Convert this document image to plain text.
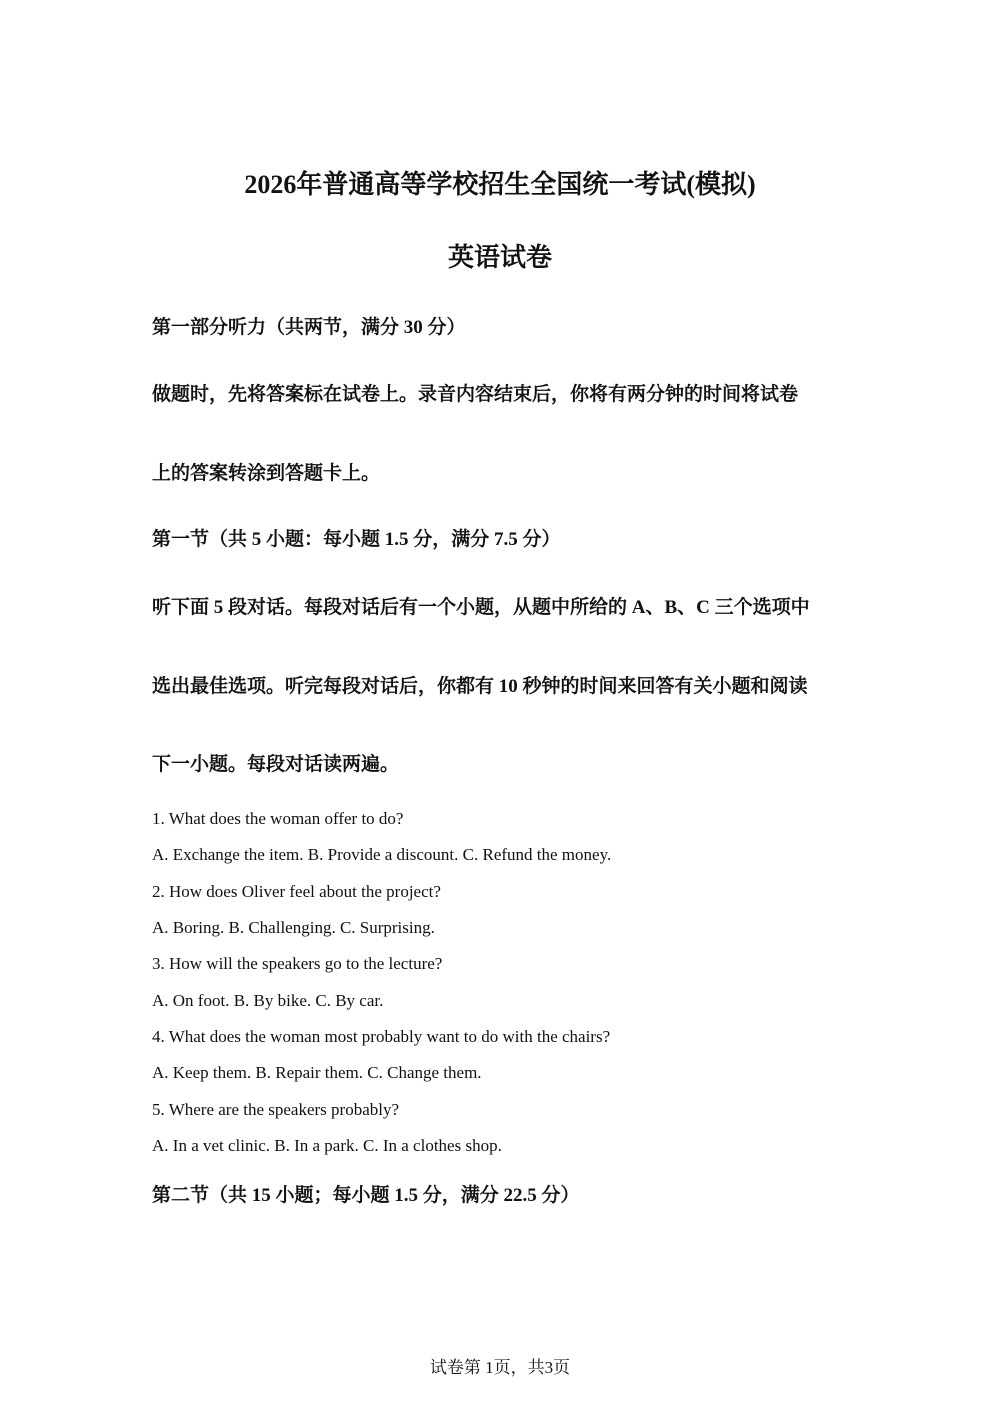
2026年普通高等学校招生全国统一考试(模拟)
英语试卷
第一部分听力（共两节，满分 30 分）
做题时，先将答案标在试卷上。录音内容结束后，你将有两分钟的时间将试卷
上的答案转涂到答题卡上。
第一节（共 5 小题：每小题 1.5 分，满分 7.5 分）
听下面 5 段对话。每段对话后有一个小题，从题中所给的 A、B、C 三个选项中
选出最佳选项。听完每段对话后，你都有 10 秒钟的时间来回答有关小题和阅读
下一小题。每段对话读两遍。
1. What does the woman offer to do?
A. Exchange the item. B. Provide a discount. C. Refund the money.
2. How does Oliver feel about the project?
A. Boring. B. Challenging. C. Surprising.
3. How will the speakers go to the lecture?
A. On foot. B. By bike. C. By car.
4. What does the woman most probably want to do with the chairs?
A. Keep them. B. Repair them. C. Change them.
5. Where are the speakers probably?
A. In a vet clinic. B. In a park. C. In a clothes shop.
第二节（共 15 小题；每小题 1.5 分，满分 22.5 分）
试卷第 1页，共3页
